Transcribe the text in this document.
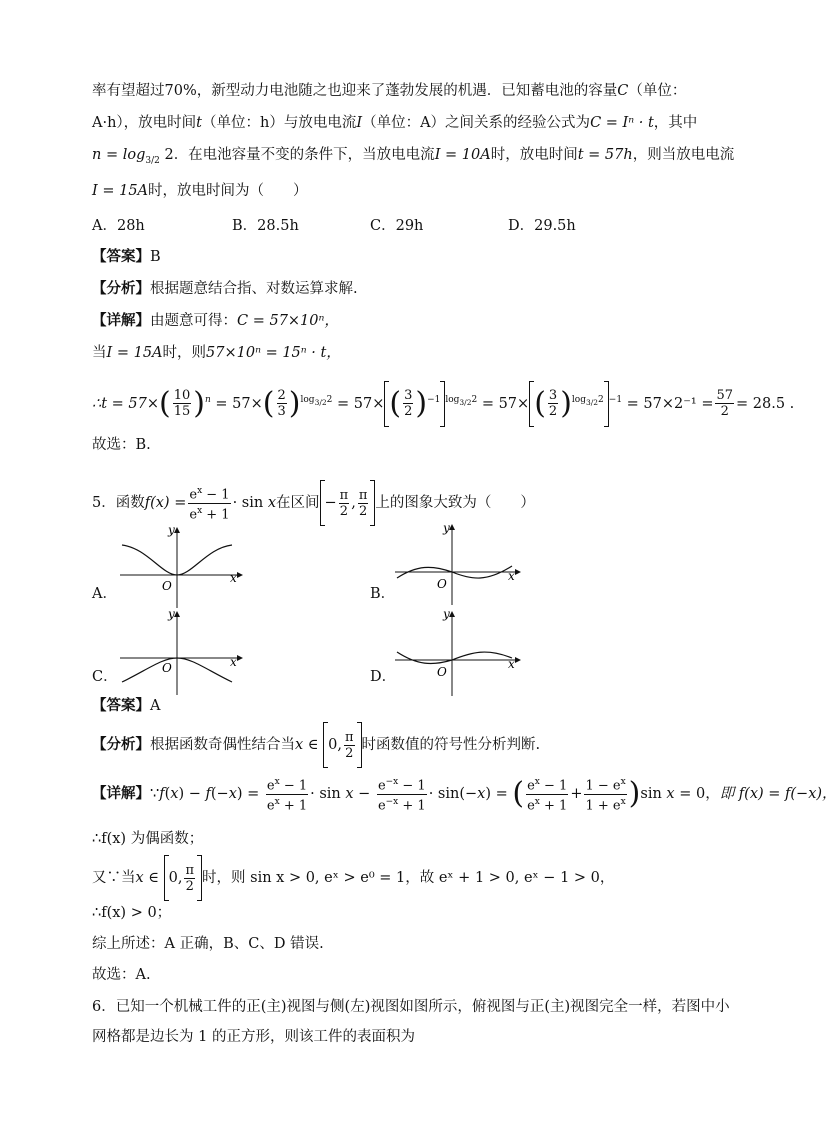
率有望超过70%，新型动力电池随之也迎来了蓬勃发展的机遇．已知蓄电池的容量C（单位：
A·h），放电时间t（单位：h）与放电电流I（单位：A）之间关系的经验公式为C = Iⁿ · t，其中
$n = \log_{3/2} 2$．在电池容量不变的条件下，当放电电流I = 10A时，放电时间t = 57h，则当放电电流
I = 15A时，放电时间为（　　）
A．28h	B．28.5h	C．29h	D．29.5h
【答案】B
【分析】根据题意结合指、对数运算求解.
【详解】由题意可得：C = 57×10ⁿ，
当I = 15A时，则57×10ⁿ = 15ⁿ · t，
∴t = $57\times( \frac{10}{15} )^n = 57\times( \frac{2}{3} )^{log_{3/2}2} = 57\times$ ( $\frac{3}{2} )^{-1}$ $^{log_{3/2}2}$ = 57× ( $\frac{3}{2} )^{log_{3/2}2}$ $^{-1} = 57\times 2^{-1} = \frac{57}{2} = 28.5$ .
故选：B.
5．函数$f(x) = \frac{e^x - 1}{e^x + 1} \cdot \sin x$在区间 − $\frac{\pi}{2}$ , $\frac{\pi}{2}$ 上的图象大致为（　　）
x
y
O
x
y
O
x
y
O	x
y
O
A．	B．
C．	D．
【答案】A
【分析】根据函数奇偶性结合当x ∈ 0, $\frac{\pi}{2}$ 时函数值的符号性分析判断.
【详解】∵f(x) − $f(-x) = \frac{e^x - 1}{e^x + 1} \cdot \sin x - \frac{e^{-x} - 1}{e^{-x} + 1} \cdot \sin(-x)$ = ( $\frac{e^x - 1}{e^x + 1} + \frac{1 - e^x}{1 + e^x} )\sin$ x = 0，即 f(x) = f(−x)，
∴f(x) 为偶函数；
又∵当x ∈ 0, $\frac{\pi}{2}$ 时，则 sin x > 0, eˣ > e⁰ = 1，故 eˣ + 1 > 0, eˣ − 1 > 0，
∴f(x) > 0；
综上所述：A 正确，B、C、D 错误.
故选：A.
6．已知一个机械工件的正(主)视图与侧(左)视图如图所示，俯视图与正(主)视图完全一样，若图中小
网格都是边长为 1 的正方形，则该工件的表面积为
